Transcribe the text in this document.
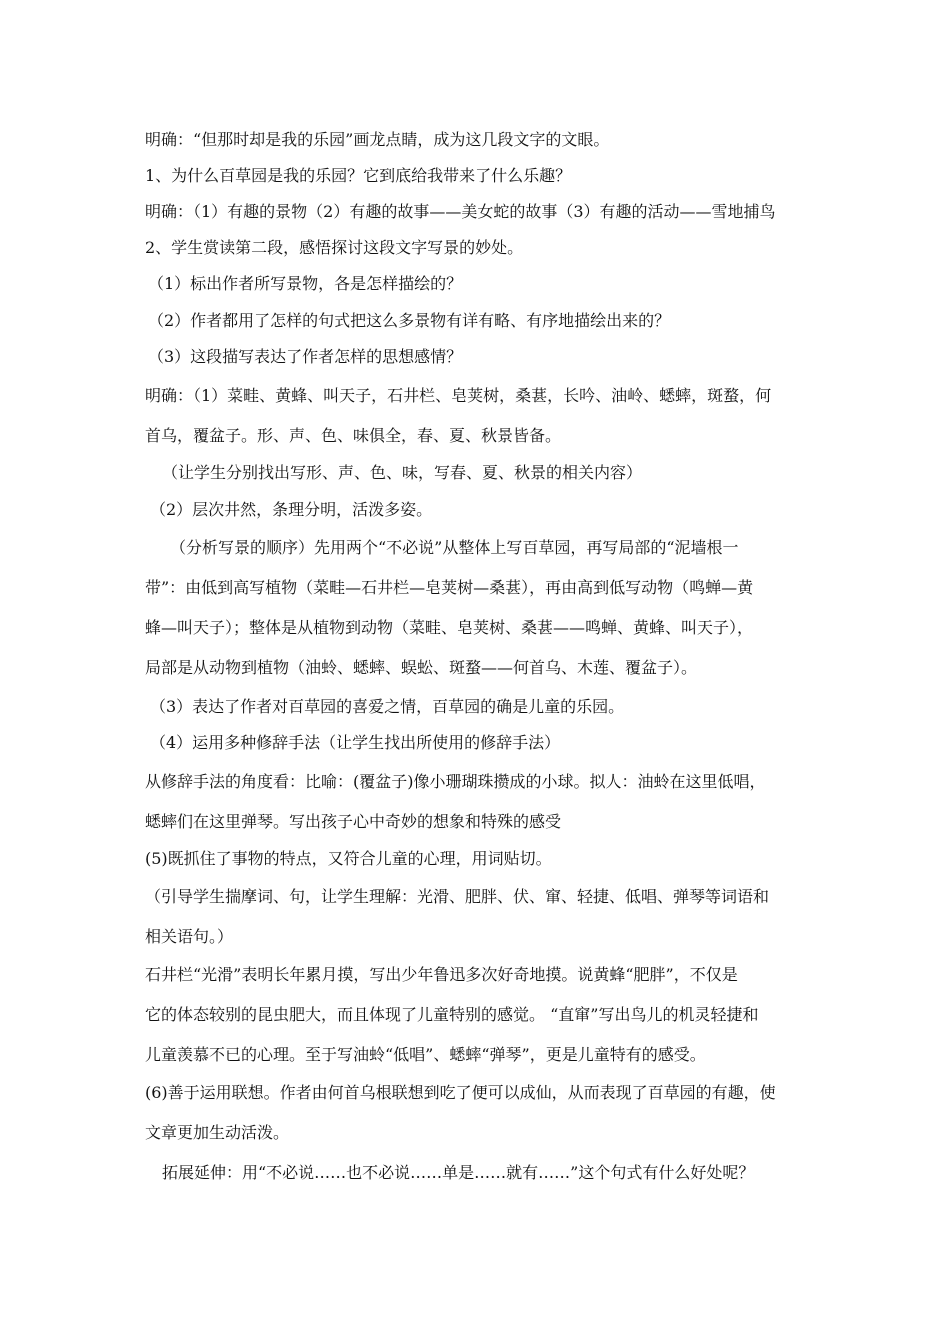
明确：“但那时却是我的乐园”画龙点睛，成为这几段文字的文眼。

1、为什么百草园是我的乐园？它到底给我带来了什么乐趣？

明确：（1）有趣的景物（2）有趣的故事——美女蛇的故事（3）有趣的活动——雪地捕鸟

2、学生赏读第二段，感悟探讨这段文字写景的妙处。

（1）标出作者所写景物，各是怎样描绘的？

（2）作者都用了怎样的句式把这么多景物有详有略、有序地描绘出来的？

（3）这段描写表达了作者怎样的思想感情？

明确：（1）菜畦、黄蜂、叫天子，石井栏、皂荚树，桑葚，长吟、油岭、蟋蟀，斑蝥，何

首乌，覆盆子。形、声、色、味俱全，春、夏、秋景皆备。

（让学生分别找出写形、声、色、味，写春、夏、秋景的相关内容）

（2）层次井然，条理分明，活泼多姿。

（分析写景的顺序）先用两个“不必说”从整体上写百草园，再写局部的“泥墙根一

带”：由低到高写植物（菜畦—石井栏—皂荚树—桑葚），再由高到低写动物（鸣蝉—黄

蜂—叫天子）；整体是从植物到动物（菜畦、皂荚树、桑葚——鸣蝉、黄蜂、叫天子），

局部是从动物到植物（油蛉、蟋蟀、蜈蚣、斑蝥——何首乌、木莲、覆盆子）。

（3）表达了作者对百草园的喜爱之情，百草园的确是儿童的乐园。

（4）运用多种修辞手法（让学生找出所使用的修辞手法）

从修辞手法的角度看：比喻：(覆盆子)像小珊瑚珠攒成的小球。拟人：油蛉在这里低唱，

蟋蟀们在这里弹琴。写出孩子心中奇妙的想象和特殊的感受

(5)既抓住了事物的特点，又符合儿童的心理，用词贴切。

（引导学生揣摩词、句，让学生理解：光滑、肥胖、伏、窜、轻捷、低唱、弹琴等词语和

相关语句。）

石井栏“光滑”表明长年累月摸，写出少年鲁迅多次好奇地摸。说黄蜂“肥胖”，不仅是

它的体态较别的昆虫肥大，而且体现了儿童特别的感觉。 “直窜”写出鸟儿的机灵轻捷和

儿童羡慕不已的心理。至于写油蛉“低唱”、蟋蟀“弹琴”，更是儿童特有的感受。

(6)善于运用联想。作者由何首乌根联想到吃了便可以成仙，从而表现了百草园的有趣，使

文章更加生动活泼。

拓展延伸：用“不必说……也不必说……单是……就有……”这个句式有什么好处呢？
